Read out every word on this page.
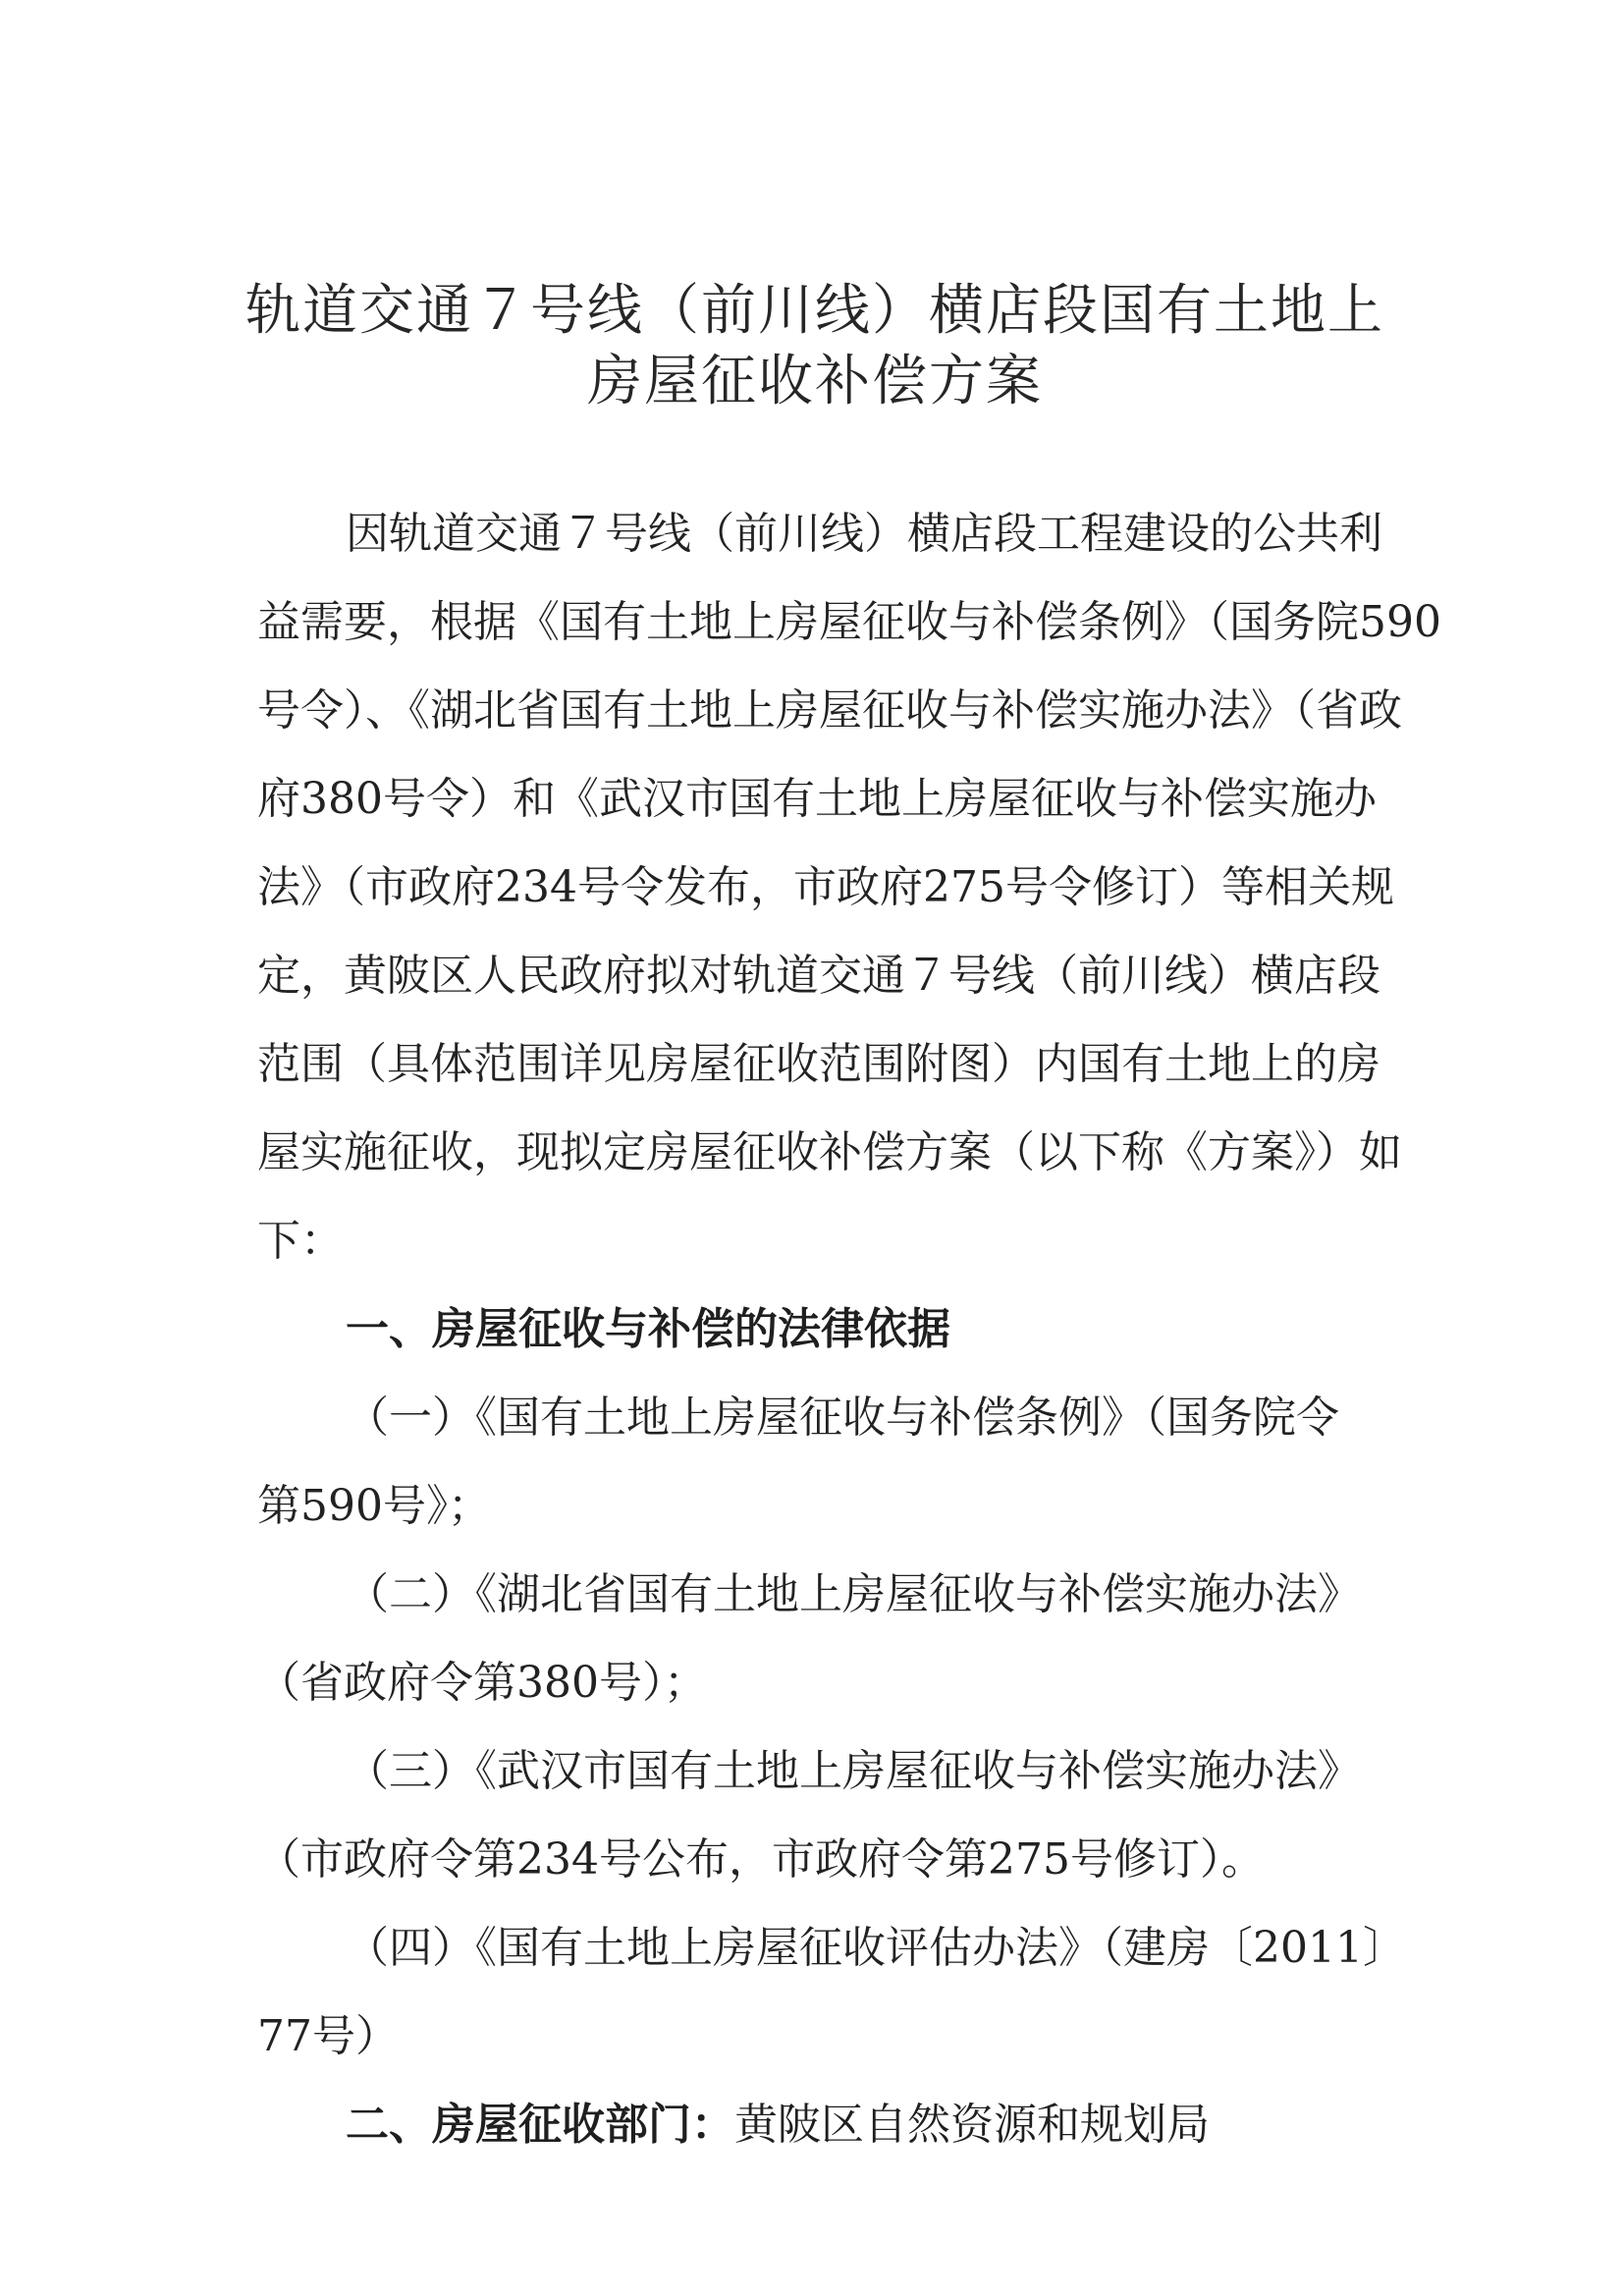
轨道交通７号线（前川线）横店段国有土地上
房屋征收补偿方案
因轨道交通７号线（前川线）横店段工程建设的公共利
益需要，根据《国有土地上房屋征收与补偿条例》（国务院590
号令）、《湖北省国有土地上房屋征收与补偿实施办法》（省政
府380号令）和《武汉市国有土地上房屋征收与补偿实施办
法》（市政府234号令发布，市政府275号令修订）等相关规
定，黄陂区人民政府拟对轨道交通７号线（前川线）横店段
范围（具体范围详见房屋征收范围附图）内国有土地上的房
屋实施征收，现拟定房屋征收补偿方案（以下称《方案》）如
下：
一、房屋征收与补偿的法律依据
（一）《国有土地上房屋征收与补偿条例》（国务院令
第590号》；
（二）《湖北省国有土地上房屋征收与补偿实施办法》
（省政府令第380号）；
（三）《武汉市国有土地上房屋征收与补偿实施办法》
（市政府令第234号公布，市政府令第275号修订）。
（四）《国有土地上房屋征收评估办法》（建房〔2011〕
77号）
二、房屋征收部门：黄陂区自然资源和规划局
